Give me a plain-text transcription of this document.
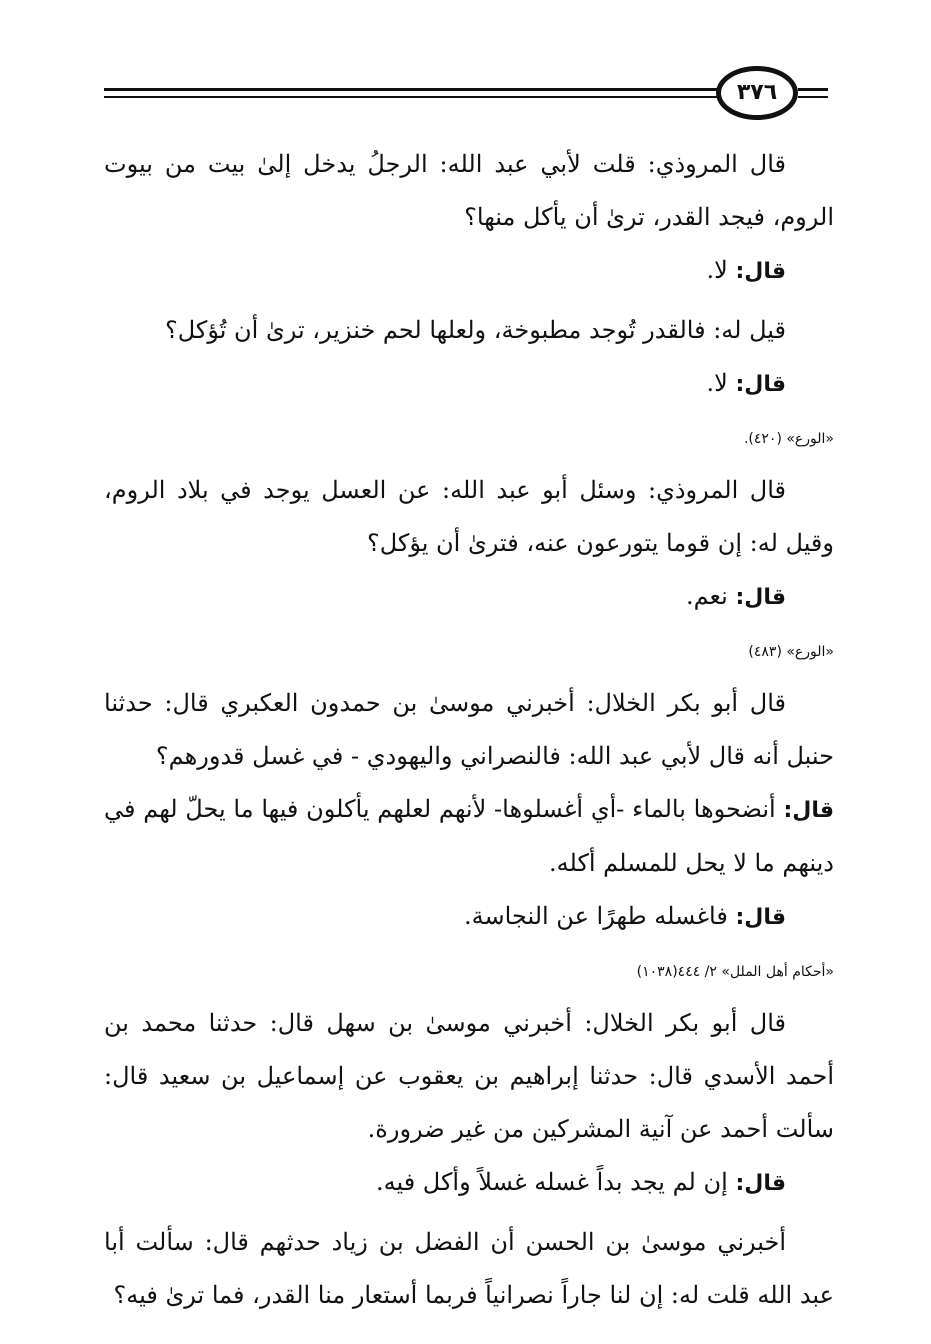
٣٧٦

قال المروذي: قلت لأبي عبد الله: الرجلُ يدخل إلىٰ بيت من بيوت الروم، فيجد القدر، ترىٰ أن يأكل منها؟

قال: لا.

قيل له: فالقدر تُوجد مطبوخة، ولعلها لحم خنزير، ترىٰ أن تُؤكل؟

قال: لا.

«الورع» (٤٢٠).

قال المروذي: وسئل أبو عبد الله: عن العسل يوجد في بلاد الروم، وقيل له: إن قوما يتورعون عنه، فترىٰ أن يؤكل؟

قال: نعم.

«الورع» (٤٨٣)

قال أبو بكر الخلال: أخبرني موسىٰ بن حمدون العكبري قال: حدثنا حنبل أنه قال لأبي عبد الله: فالنصراني واليهودي - في غسل قدورهم؟

قال: أنضحوها بالماء -أي أغسلوها- لأنهم لعلهم يأكلون فيها ما يحلّ لهم في دينهم ما لا يحل للمسلم أكله.

قال: فاغسله طهرًا عن النجاسة.

«أحكام أهل الملل» ٢/ ٤٤٤(١٠٣٨)

قال أبو بكر الخلال: أخبرني موسىٰ بن سهل قال: حدثنا محمد بن أحمد الأسدي قال: حدثنا إبراهيم بن يعقوب عن إسماعيل بن سعيد قال: سألت أحمد عن آنية المشركين من غير ضرورة.

قال: إن لم يجد بداً غسله غسلاً وأكل فيه.

أخبرني موسىٰ بن الحسن أن الفضل بن زياد حدثهم قال: سألت أبا عبد الله قلت له: إن لنا جاراً نصرانياً فربما أستعار منا القدر، فما ترىٰ فيه؟
